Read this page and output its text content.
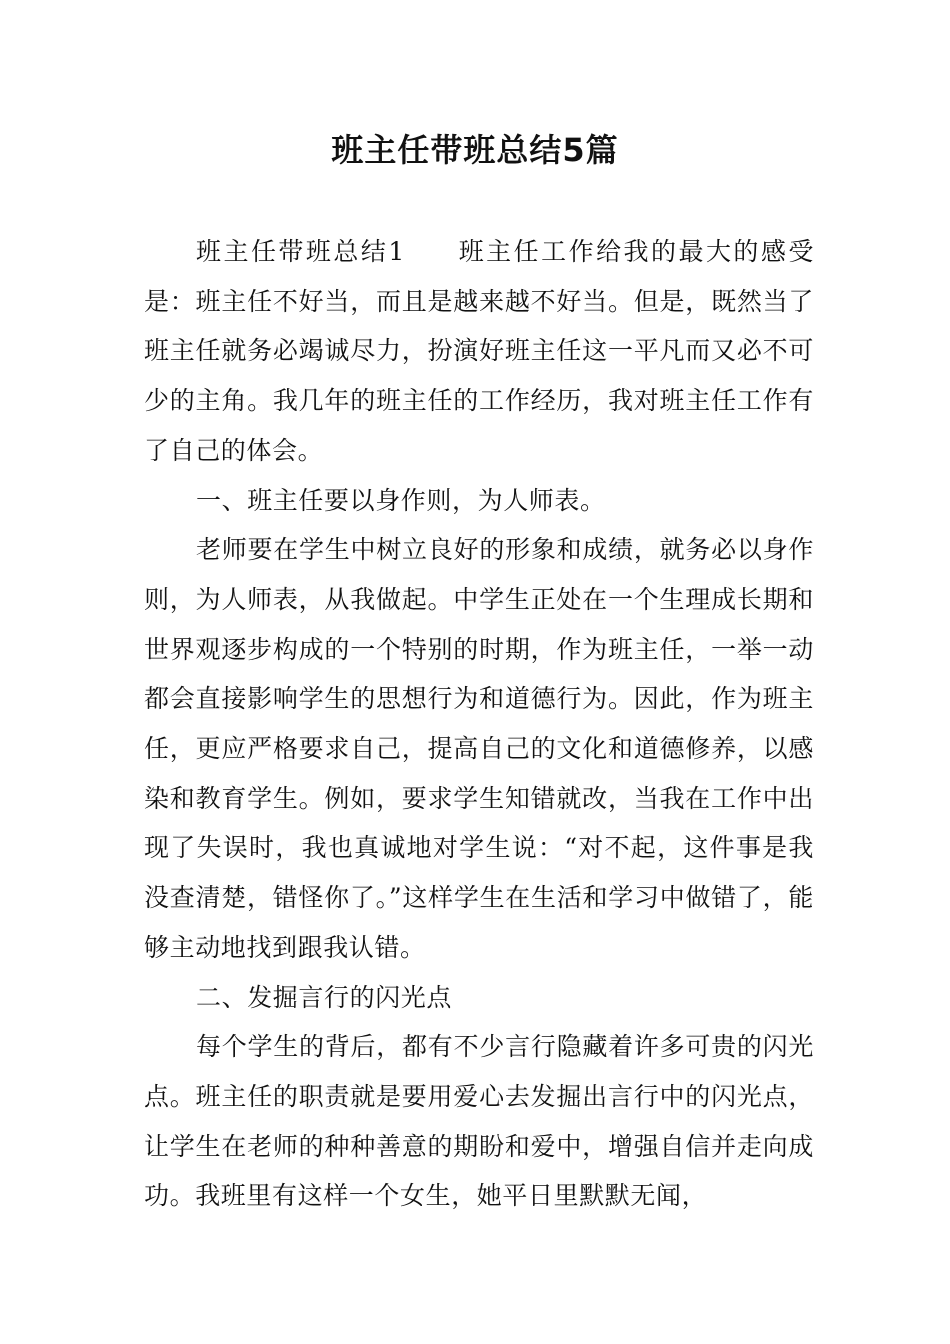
班主任带班总结5篇

班主任带班总结1 班主任工作给我的最大的感受是：班主任不好当，而且是越来越不好当。但是，既然当了班主任就务必竭诚尽力，扮演好班主任这一平凡而又必不可少的主角。我几年的班主任的工作经历，我对班主任工作有了自己的体会。

一、班主任要以身作则，为人师表。

老师要在学生中树立良好的形象和成绩，就务必以身作则，为人师表，从我做起。中学生正处在一个生理成长期和世界观逐步构成的一个特别的时期，作为班主任，一举一动都会直接影响学生的思想行为和道德行为。因此，作为班主任，更应严格要求自己，提高自己的文化和道德修养，以感染和教育学生。例如，要求学生知错就改，当我在工作中出现了失误时，我也真诚地对学生说：“对不起，这件事是我没查清楚，错怪你了。”这样学生在生活和学习中做错了，能够主动地找到跟我认错。

二、发掘言行的闪光点

每个学生的背后，都有不少言行隐藏着许多可贵的闪光点。班主任的职责就是要用爱心去发掘出言行中的闪光点，让学生在老师的种种善意的期盼和爱中，增强自信并走向成功。我班里有这样一个女生，她平日里默默无闻，
